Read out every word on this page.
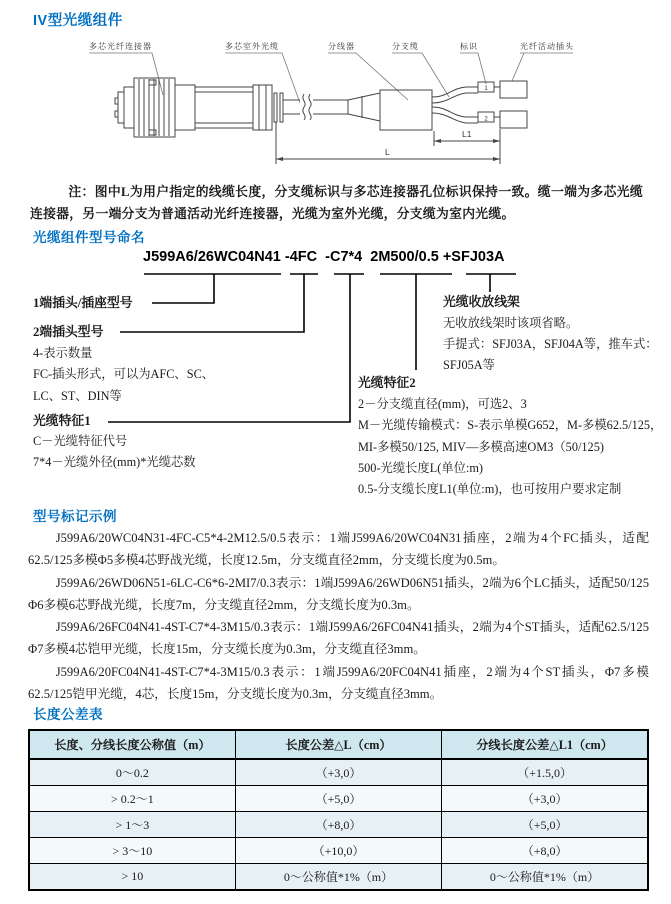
IV型光缆组件
多芯光纤连接器	多芯室外光缆	分线器	分支缆	标识	光纤活动插头
1
2
L1
L
注：图中L为用户指定的线缆长度，分支缆标识与多芯连接器孔位标识保持一致。缆一端为多芯光缆连接器，另一端分支为普通活动光纤连接器，光缆为室外光缆，分支缆为室内光缆。
光缆组件型号命名
J599A6/26WC04N41 -4FC  -C7*4  2M500/0.5 +SFJ03A
1端插头/插座型号
2端插头型号
4-表示数量
FC-插头形式，可以为AFC、SC、
LC、ST、DIN等
光缆特征1
C－光缆特征代号
7*4－光缆外径(mm)*光缆芯数
光缆收放线架
无收放线架时该项省略。
手提式：SFJ03A，SFJ04A等，推车式：
SFJ05A等
光缆特征2
2－分支缆直径(mm)，可选2、3
M－光缆传输模式：S-表示单模G652，M-多模62.5/125，
MI-多模50/125, MIV—多模高速OM3（50/125)
500-光缆长度L(单位:m)
0.5-分支缆长度L1(单位:m)，也可按用户要求定制
型号标记示例

J599A6/20WC04N31-4FC-C5*4-2M12.5/0.5表示：1端J599A6/20WC04N31插座，2端为4个FC插头，适配62.5/125多模Φ5多模4芯野战光缆，长度12.5m，分支缆直径2mm，分支缆长度为0.5m。

J599A6/26WD06N51-6LC-C6*6-2MI7/0.3表示：1端J599A6/26WD06N51插头，2端为6个LC插头，适配50/125 Φ6多模6芯野战光缆，长度7m，分支缆直径2mm，分支缆长度为0.3m。

J599A6/26FC04N41-4ST-C7*4-3M15/0.3表示：1端J599A6/26FC04N41插头，2端为4个ST插头，适配62.5/125 Φ7多模4芯铠甲光缆，长度15m，分支缆长度为0.3m，分支缆直径3mm。

J599A6/20FC04N41-4ST-C7*4-3M15/0.3表示：1端J599A6/20FC04N41插座，2端为4个ST插头，Φ7多模62.5/125铠甲光缆，4芯，长度15m，分支缆长度为0.3m，分支缆直径3mm。

长度公差表
长度、分线长度公称值（m）	长度公差△L（cm）	分线长度公差△L1（cm）
0～0.2	（+3,0）	（+1.5,0）
> 0.2～1	（+5,0）	（+3,0）
> 1～3	（+8,0）	（+5,0）
> 3～10	（+10,0）	（+8,0）
> 10	0～公称值*1%（m）	0～公称值*1%（m）
